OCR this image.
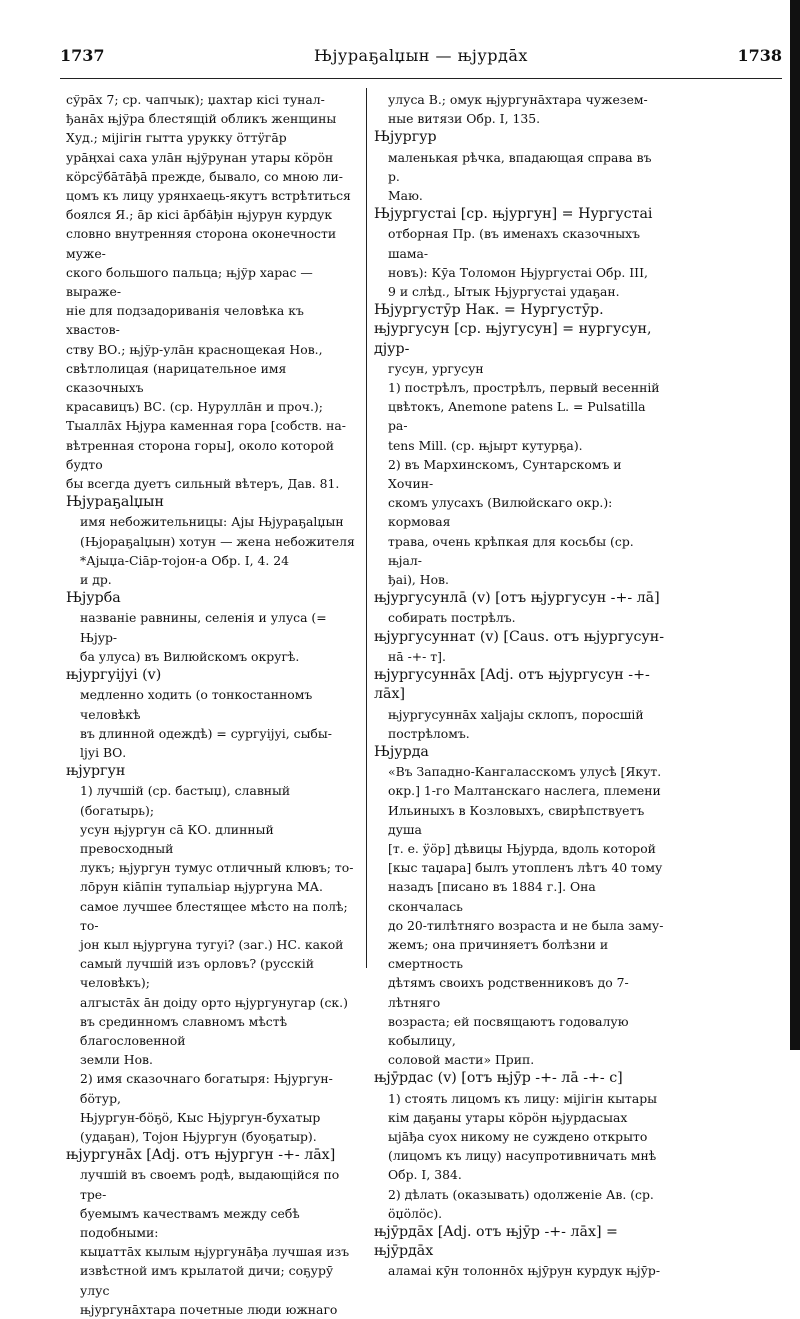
1737	Њјураҕаlџын — њјурдāх	1738

сўрāх 7; ср. чапчык); џахтар кісі тунал-

ђанāх њјўра блестящій обликъ женщины

Худ.; міјігін гытта урукку ӧттӱгāр

урāңхаі саха улāн њјўрунан утары кӧрӧн

кӧрсӱбāтāђā прежде, бывало, со мною ли-

цомъ къ лицу урянхаець-якутъ встрѣтиться

боялся Я.; āр кісі āрбāђін њјурун курдук

словно внутренняя сторона оконечности муже-

ского большого пальца; њјўр харас — выраже-

ніе для подзадориванія человѣка къ хвастов-

ству ВО.; њјўр-улāн краснощекая Нов.,

свѣтлолицая (нарицательное имя сказочныхъ

красавицъ) ВС. (ср. Нуруллāн и проч.);

Тыаллāх Њјура каменная гора [собств. на-

вѣтренная сторона горы], около которой будто

бы всегда дуетъ сильный вѣтеръ, Дав. 81.

Њјураҕаlџын

имя небожительницы: Аjы Њјураҕаlџын

(Њјораҕаlџын) хотун — жена небожителя

*Аjыџа-Сіāр-тојон-а Обр. I, 4. 24

и др.

Њјурба

названіе равнины, селенія и улуса (= Њјур-

ба улуса) въ Вилюйскомъ округѣ.

њјургуіјуі (v)

медленно ходить (о тонкостанномъ человѣкѣ

въ длинной одеждѣ) = сургуіјуі, сыбы-

ljуі ВО.

њјургун

1) лучшій (ср. бастыџ), славный (богатырь);

усун њјургун сā КО. длинный превосходный

лукъ; њјургун тумус отличный клювъ; то-

лōрун кіāпін тупальіар њјургуна МА.

самое лучшее блестящее мѣсто на полѣ; то-

јон кыл њјургуна тугуі? (заг.) НС. какой

самый лучшій изъ орловъ? (русскій человѣкъ);

алгыстāх āн доіду орто њјургунугар (ск.)

въ срединномъ славномъ мѣстѣ благословенной

земли Нов.

2) имя сказочнаго богатыря: Њјургун-бӧтур,

Њјургун-бӧҕӧ, Кыс Њјургун-бухатыр

(удаҕан), Тојон Њјургун (буоҕатыр).

њјургунāх [Adj. отъ њјургун -+- лāх]

лучшій въ своемъ родѣ, выдающійся по тре-

буемымъ качествамъ между себѣ подобными:

кыџаттāх кылым њјургунāђа лучшая изъ

извѣстной имъ крылатой дичи; соҕурӯ улус

њјургунāхтара почетные люди южнаго

улуса В.; омук њјургунāхтара чужезем-

ные витязи Обр. I, 135.

Њјургур

маленькая рѣчка, впадающая справа въ р.

Маю.

Њјургустаі [ср. њјургун] = Нургустаі

отборная Пр. (въ именахъ сказочныхъ шама-

новъ): Кӯа Толомон Њјургустаі Обр. III,

9 и слѣд., Ытык Њјургустаі удаҕан.

Њјургустӯр Нак. = Нургустӯр.

њјургусун [ср. њјугусун] = нургусун, дјур-

гусун, ургусун

1) пострѣлъ, прострѣлъ, первый весенній

цвѣтокъ, Anemone patens L. = Pulsatilla pa-

tens Mill. (ср. њјырт кутурҕа).

2) въ Мархинскомъ, Сунтарскомъ и Хочин-

скомъ улусахъ (Вилюйскаго окр.): кормовая

трава, очень крѣпкая для косьбы (ср. њјал-

ђаі), Нов.

њјургусунлā (v) [отъ њјургусун -+- лā]

собирать пострѣлъ.

њјургусуннат (v) [Caus. отъ њјургусун-

нā -+- т].

њјургусуннāх [Adj. отъ њјургусун -+- лāх]

њјургусуннāх хаljаjы склопъ, поросшій

пострѣломъ.

Њјурда

«Въ Западно-Кангаласскомъ улусѣ [Якут.

окр.] 1-го Малтанскаго наслега, племени

Ильиныхъ в Козловыхъ, свирѣпствуетъ душа

[т. е. ӱӧр] дѣвицы Њјурда, вдоль которой

[кыс таџара] былъ утопленъ лѣтъ 40 тому

назадъ [писано въ 1884 г.]. Она скончалась

до 20-тилѣтняго возраста и не была заму-

жемъ; она причиняетъ болѣзни и смертность

дѣтямъ своихъ родственниковъ до 7-лѣтняго

возраста; ей посвящаютъ годовалую кобылицу,

соловой масти» Прип.

њјӯрдас (v) [отъ њјӯр -+- лā -+- с]

1) стоять лицомъ къ лицу: міјігін кытары

кім даҕаны утары кӧрӧн њјурдасыах

ыјāђа суох никому не суждено открыто

(лицомъ къ лицу) насупротивничать мнѣ

Обр. I, 384.

2) дѣлать (оказывать) одолженіе Ав. (ср.

ӧџӧлӧс).

њјӯрдāх [Adj. отъ њјӯр -+- лāх] = њјӯрдāх

аламаі кӯн толоннōх њјӯрун курдук њјӯр-
